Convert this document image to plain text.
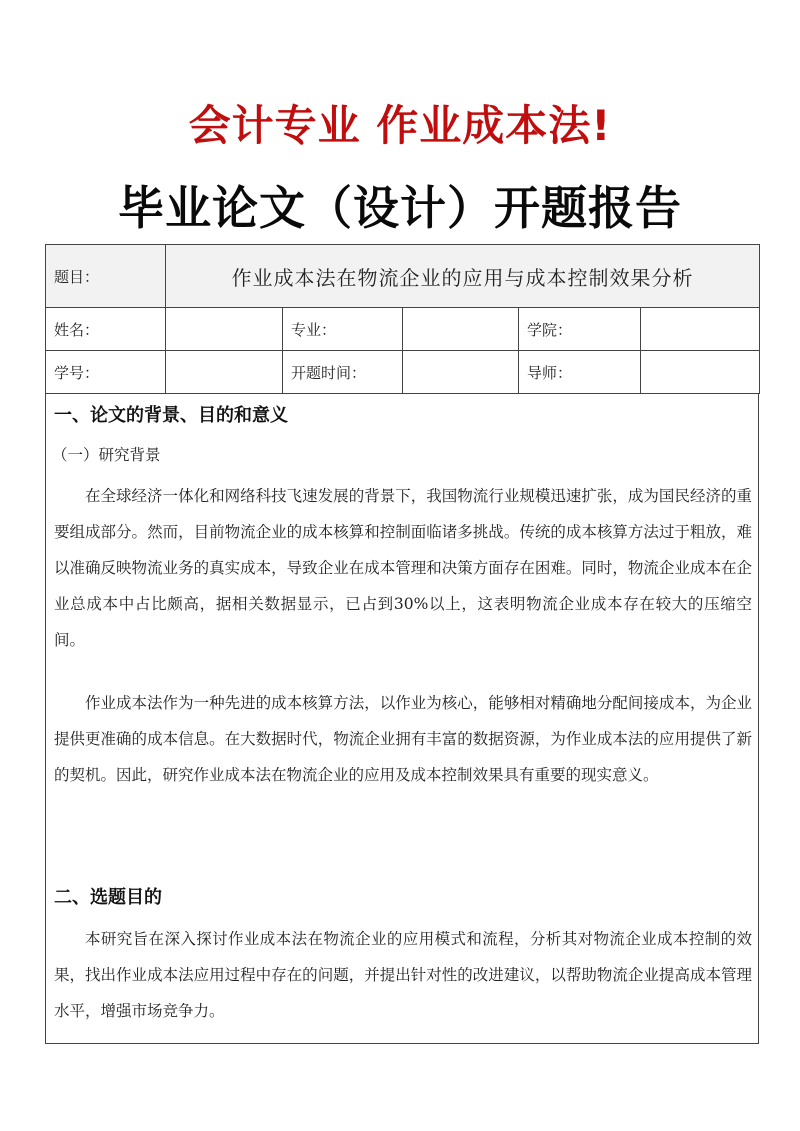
会计专业 作业成本法!
毕业论文（设计）开题报告
题目：	作业成本法在物流企业的应用与成本控制效果分析				
姓名：		专业：		学院：	
学号：		开题时间：		导师：	
一、论文的背景、目的和意义
（一）研究背景

在全球经济一体化和网络科技飞速发展的背景下，我国物流行业规模迅速扩张，成为国民经济的重要组成部分。然而，目前物流企业的成本核算和控制面临诸多挑战。传统的成本核算方法过于粗放，难以准确反映物流业务的真实成本，导致企业在成本管理和决策方面存在困难。同时，物流企业成本在企业总成本中占比颇高，据相关数据显示，已占到30%以上，这表明物流企业成本存在较大的压缩空间。

作业成本法作为一种先进的成本核算方法，以作业为核心，能够相对精确地分配间接成本，为企业提供更准确的成本信息。在大数据时代，物流企业拥有丰富的数据资源，为作业成本法的应用提供了新的契机。因此，研究作业成本法在物流企业的应用及成本控制效果具有重要的现实意义。

二、选题目的

本研究旨在深入探讨作业成本法在物流企业的应用模式和流程，分析其对物流企业成本控制的效果，找出作业成本法应用过程中存在的问题，并提出针对性的改进建议，以帮助物流企业提高成本管理水平，增强市场竞争力。
